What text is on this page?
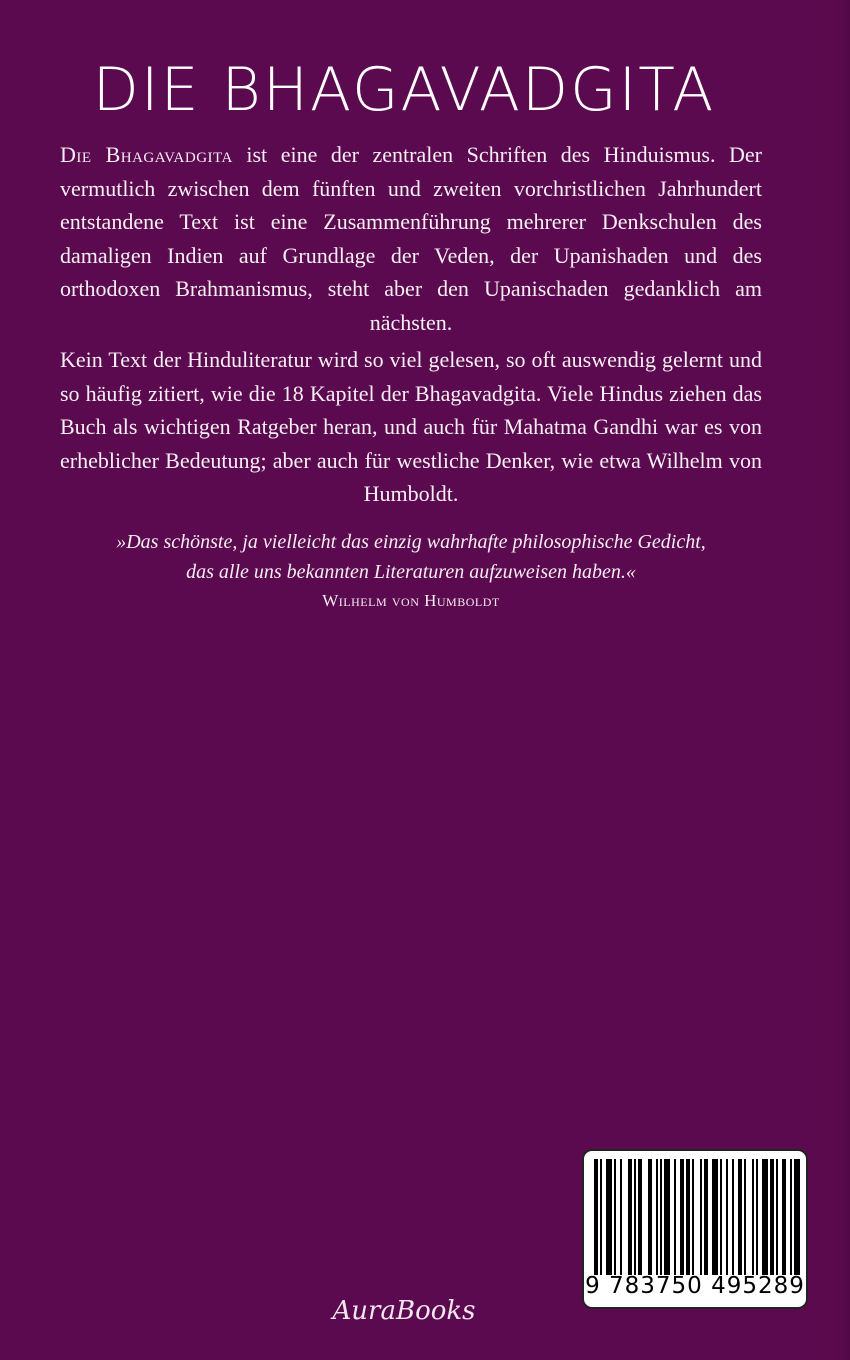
DIE BHAGAVADGITA

Die Bhagavadgita ist eine der zentralen Schriften des Hinduismus. Der vermutlich zwischen dem fünften und zweiten vorchristlichen Jahrhundert entstandene Text ist eine Zusammenführung mehrerer Denkschulen des damaligen Indien auf Grundlage der Veden, der Upanishaden und des orthodoxen Brahmanismus, steht aber den Upanischaden gedanklich am nächsten.

Kein Text der Hinduliteratur wird so viel gelesen, so oft auswendig gelernt und so häufig zitiert, wie die 18 Kapitel der Bhagavadgita. Viele Hindus ziehen das Buch als wichtigen Ratgeber heran, und auch für Mahatma Gandhi war es von erheblicher Bedeutung; aber auch für westliche Denker, wie etwa Wilhelm von Humboldt.

»Das schönste, ja vielleicht das einzig wahrhafte philosophische Gedicht,
das alle uns bekannten Literaturen aufzuweisen haben.«
Wilhelm von Humboldt
9 783750 495289
AuraBooks
